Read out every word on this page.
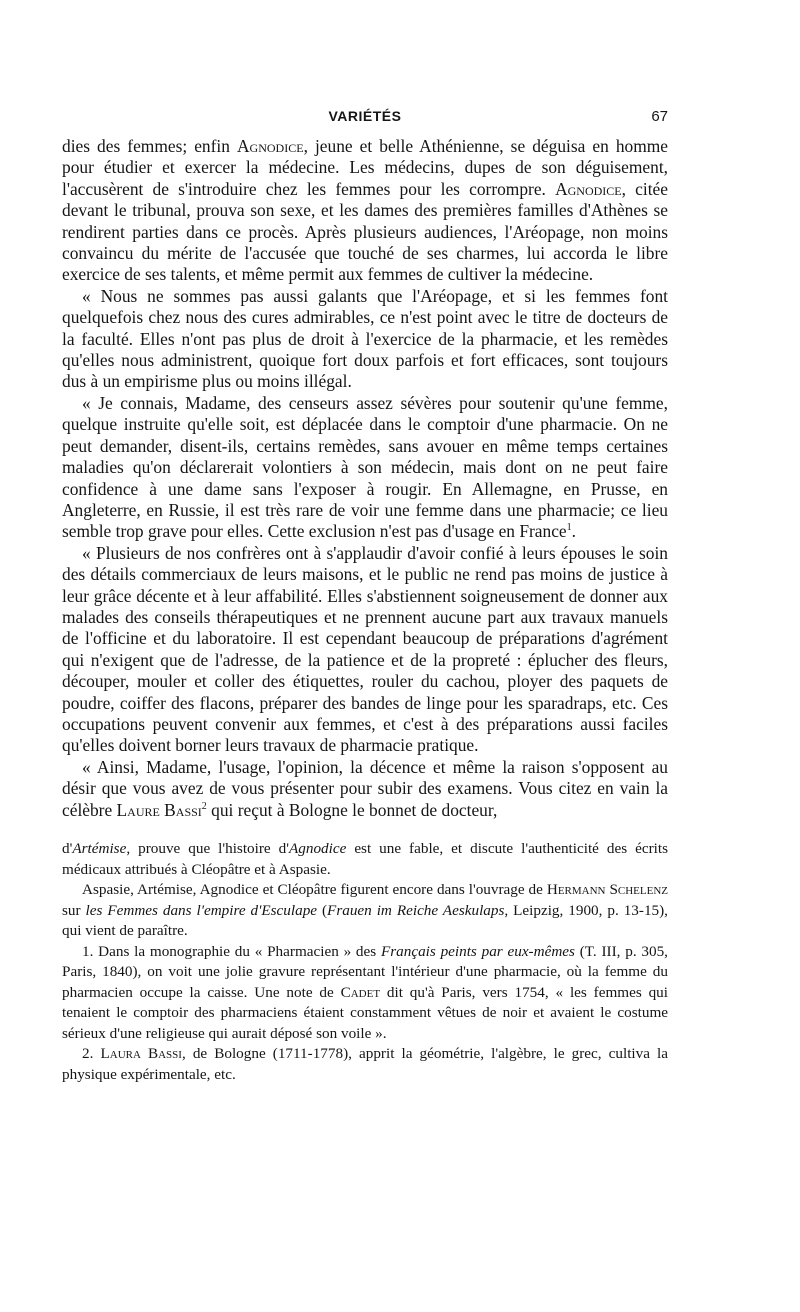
VARIÉTÉS	67

dies des femmes; enfin Agnodice, jeune et belle Athénienne, se déguisa en homme pour étudier et exercer la médecine. Les médecins, dupes de son déguisement, l'accusèrent de s'introduire chez les femmes pour les corrompre. Agnodice, citée devant le tribunal, prouva son sexe, et les dames des premières familles d'Athènes se rendirent parties dans ce procès. Après plusieurs audiences, l'Aréopage, non moins convaincu du mérite de l'accusée que touché de ses charmes, lui accorda le libre exercice de ses talents, et même permit aux femmes de cultiver la médecine.

« Nous ne sommes pas aussi galants que l'Aréopage, et si les femmes font quelquefois chez nous des cures admirables, ce n'est point avec le titre de docteurs de la faculté. Elles n'ont pas plus de droit à l'exercice de la pharmacie, et les remèdes qu'elles nous administrent, quoique fort doux parfois et fort efficaces, sont toujours dus à un empirisme plus ou moins illégal.

« Je connais, Madame, des censeurs assez sévères pour soutenir qu'une femme, quelque instruite qu'elle soit, est déplacée dans le comptoir d'une pharmacie. On ne peut demander, disent-ils, certains remèdes, sans avouer en même temps certaines maladies qu'on déclarerait volontiers à son médecin, mais dont on ne peut faire confidence à une dame sans l'exposer à rougir. En Allemagne, en Prusse, en Angleterre, en Russie, il est très rare de voir une femme dans une pharmacie; ce lieu semble trop grave pour elles. Cette exclusion n'est pas d'usage en France$^1$.

« Plusieurs de nos confrères ont à s'applaudir d'avoir confié à leurs épouses le soin des détails commerciaux de leurs maisons, et le public ne rend pas moins de justice à leur grâce décente et à leur affabilité. Elles s'abstiennent soigneusement de donner aux malades des conseils thérapeutiques et ne prennent aucune part aux travaux manuels de l'officine et du laboratoire. Il est cependant beaucoup de préparations d'agrément qui n'exigent que de l'adresse, de la patience et de la propreté : éplucher des fleurs, découper, mouler et coller des étiquettes, rouler du cachou, ployer des paquets de poudre, coiffer des flacons, préparer des bandes de linge pour les sparadraps, etc. Ces occupations peuvent convenir aux femmes, et c'est à des préparations aussi faciles qu'elles doivent borner leurs travaux de pharmacie pratique.

« Ainsi, Madame, l'usage, l'opinion, la décence et même la raison s'opposent au désir que vous avez de vous présenter pour subir des examens. Vous citez en vain la célèbre Laure Bassi$^2$ qui reçut à Bologne le bonnet de docteur,

d'Artémise, prouve que l'histoire d'Agnodice est une fable, et discute l'authenticité des écrits médicaux attribués à Cléopâtre et à Aspasie.

Aspasie, Artémise, Agnodice et Cléopâtre figurent encore dans l'ouvrage de Hermann Schelenz sur les Femmes dans l'empire d'Esculape (Frauen im Reiche Aeskulaps, Leipzig, 1900, p. 13-15), qui vient de paraître.

1. Dans la monographie du « Pharmacien » des Français peints par eux-mêmes (T. III, p. 305, Paris, 1840), on voit une jolie gravure représentant l'intérieur d'une pharmacie, où la femme du pharmacien occupe la caisse. Une note de Cadet dit qu'à Paris, vers 1754, « les femmes qui tenaient le comptoir des pharmaciens étaient constamment vêtues de noir et avaient le costume sérieux d'une religieuse qui aurait déposé son voile ».

2. Laura Bassi, de Bologne (1711-1778), apprit la géométrie, l'algèbre, le grec, cultiva la physique expérimentale, etc.
